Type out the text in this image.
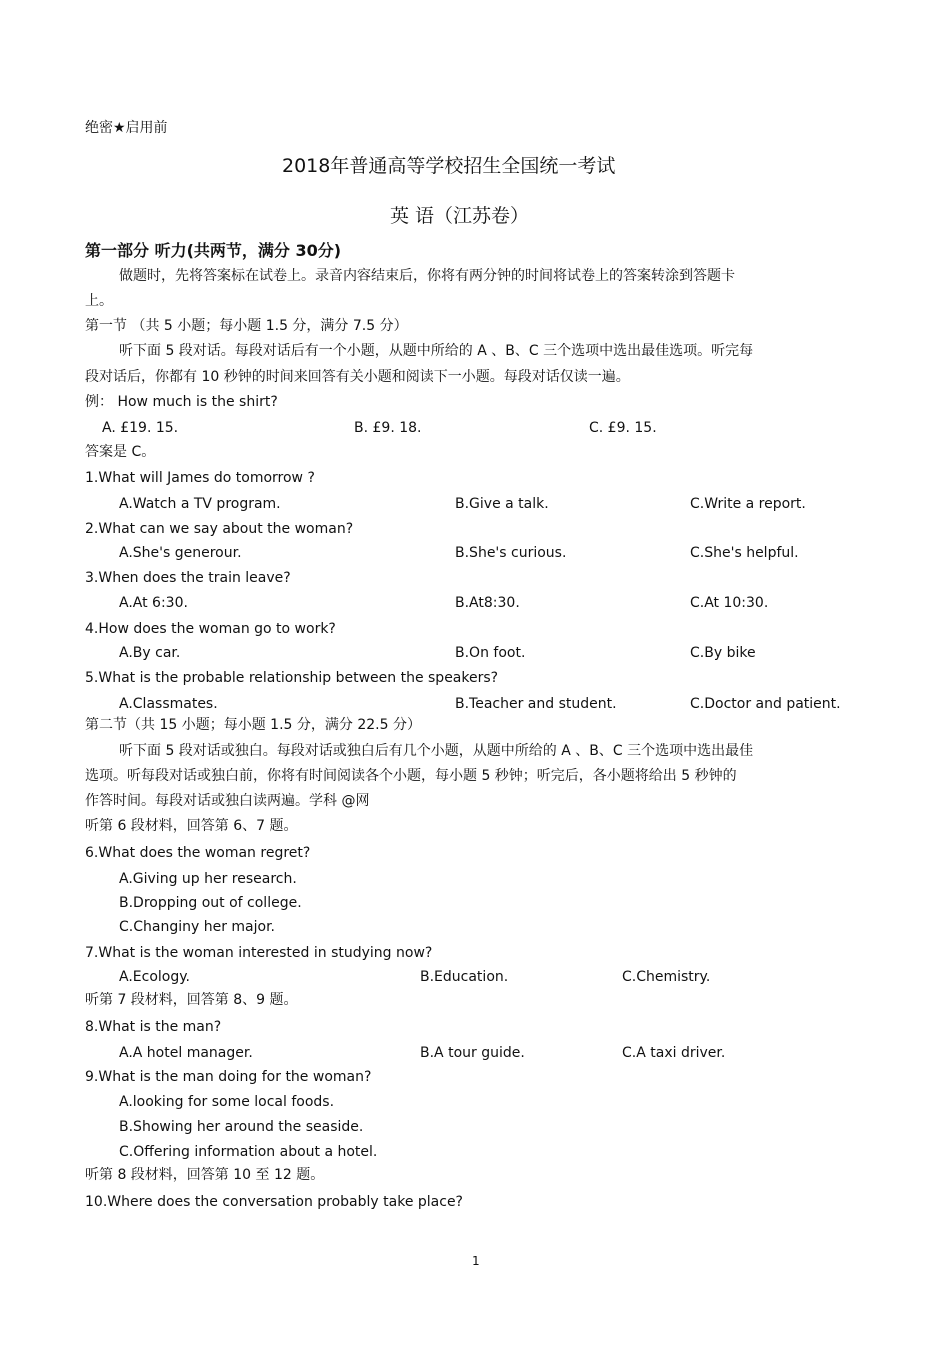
绝密★启用前
2018年普通高等学校招生全国统一考试
英 语（江苏卷）
第一部分 听力(共两节，满分 30分)
做题时，先将答案标在试卷上。录音内容结束后，你将有两分钟的时间将试卷上的答案转涂到答题卡
上。
第一节 （共 5 小题；每小题 1.5 分，满分 7.5 分）
听下面 5 段对话。每段对话后有一个小题，从题中所给的 A 、B、C 三个选项中选出最佳选项。听完每
段对话后，你都有 10 秒钟的时间来回答有关小题和阅读下一小题。每段对话仅读一遍。
例： How much is the shirt?
A. £19. 15.	B. £9. 18.	C. £9. 15.
答案是 C。
1.What will James do tomorrow ?
A.Watch a TV program.	B.Give a talk.	C.Write a report.
2.What can we say about the woman?
A.She's generour.	B.She's curious.	C.She's helpful.
3.When does the train leave?
A.At 6:30.	B.At8:30.	C.At 10:30.
4.How does the woman go to work?
A.By car.	B.On foot.	C.By bike
5.What is the probable relationship between the speakers?
A.Classmates.	B.Teacher and student.	C.Doctor and patient.
第二节（共 15 小题；每小题 1.5 分，满分 22.5 分）
听下面 5 段对话或独白。每段对话或独白后有几个小题，从题中所给的 A 、B、C 三个选项中选出最佳
选项。听每段对话或独白前，你将有时间阅读各个小题，每小题 5 秒钟；听完后，各小题将给出 5 秒钟的
作答时间。每段对话或独白读两遍。学科 @网
听第 6 段材料，回答第 6、7 题。
6.What does the woman regret?
A.Giving up her research.
B.Dropping out of college.
C.Changiny her major.
7.What is the woman interested in studying now?
A.Ecology.	B.Education.	C.Chemistry.
听第 7 段材料，回答第 8、9 题。
8.What is the man?
A.A hotel manager.	B.A tour guide.	C.A taxi driver.
9.What is the man doing for the woman?
A.looking for some local foods.
B.Showing her around the seaside.
C.Offering information about a hotel.
听第 8 段材料，回答第 10 至 12 题。
10.Where does the conversation probably take place?
1
